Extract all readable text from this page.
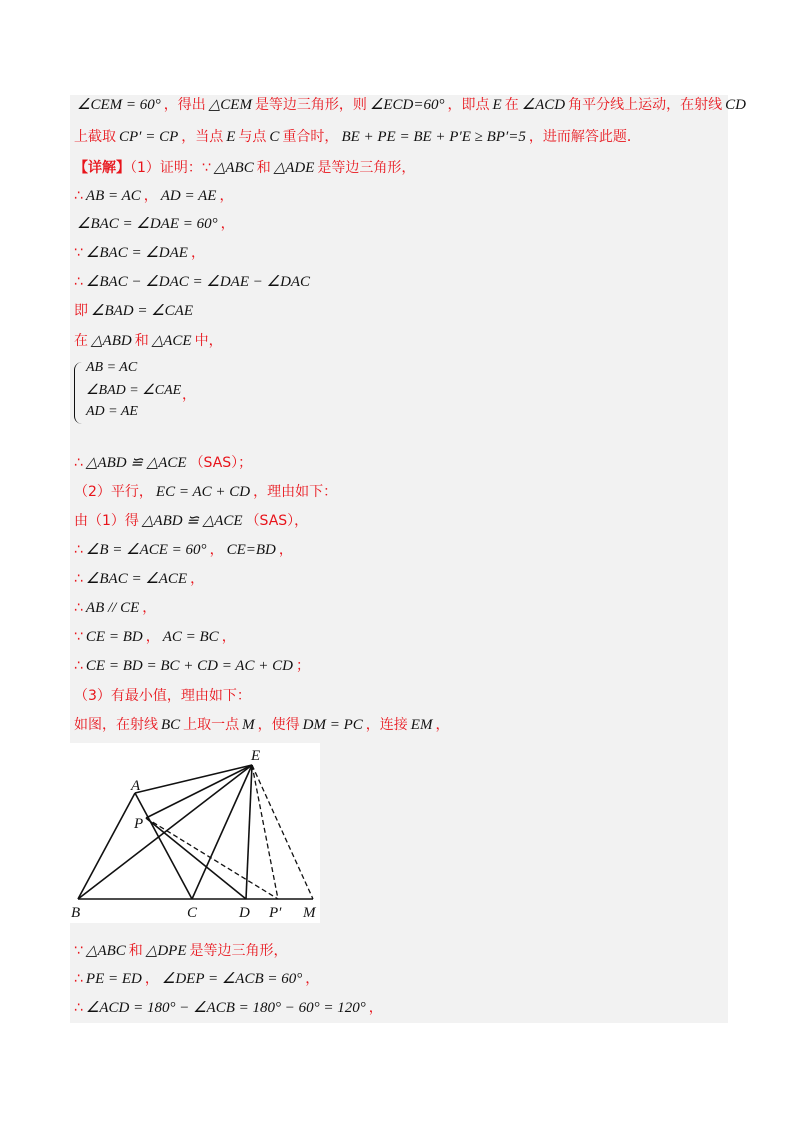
∠CEM = 60° ，得出 △CEM 是等边三角形，则 ∠ECD=60° ，即点 E 在 ∠ACD 角平分线上运动，在射线 CD
上截取 CP′ = CP ，当点 E 与点 C 重合时， BE + PE = BE + P′E ≥ BP′=5 ，进而解答此题．
【详解】（1）证明：∵ △ABC 和 △ADE 是等边三角形，
∴ AB = AC ， AD = AE ，
∠BAC = ∠DAE = 60° ，
∵ ∠BAC = ∠DAE ，
∴ ∠BAC − ∠DAC = ∠DAE − ∠DAC
即 ∠BAD = ∠CAE
在 △ABD 和 △ACE 中，
∴ △ABD ≌ △ACE （SAS）；
（2）平行， EC = AC + CD ，理由如下：
由（1）得 △ABD ≌ △ACE （SAS），
∴ ∠B = ∠ACE = 60° ， CE=BD ，
∴ ∠BAC = ∠ACE ，
∴ AB // CE ，
∵ CE = BD ， AC = BC ，
∴ CE = BD = BC + CD = AC + CD ；
（3）有最小值，理由如下：
如图，在射线 BC 上取一点 M ，使得 DM = PC ，连接 EM ，
∵ △ABC 和 △DPE 是等边三角形，
∴ PE = ED ， ∠DEP = ∠ACB = 60° ，
∴ ∠ACD = 180° − ∠ACB = 180° − 60° = 120° ，
AB = AC
∠BAD = ∠CAE
AD = AE
，
A
B	C	D
E
P
P′ M
